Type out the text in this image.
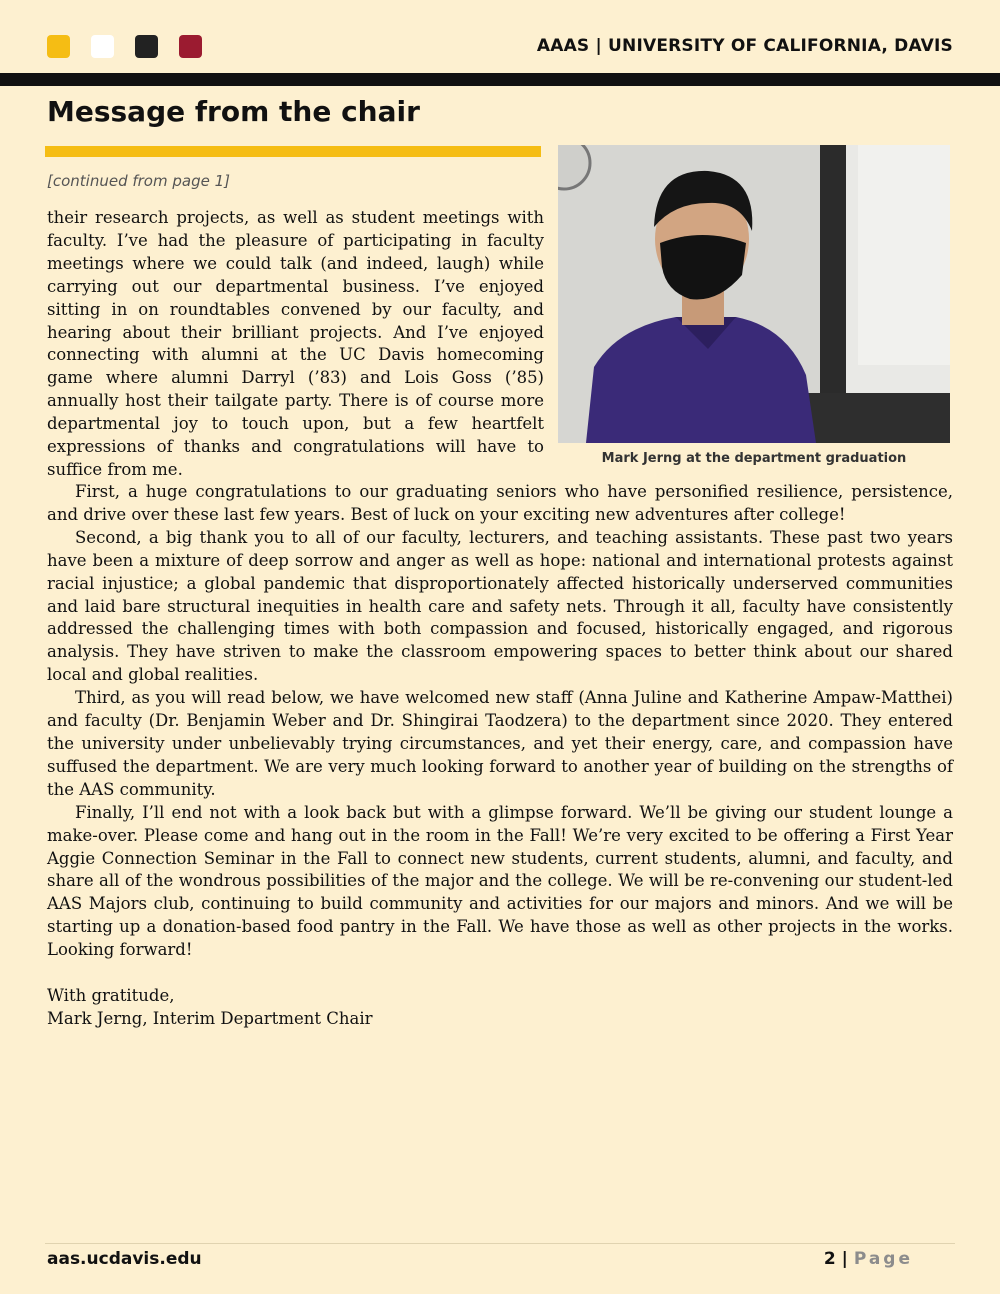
AAAS | UNIVERSITY OF CALIFORNIA, DAVIS
Message from the chair

[continued from page 1]

Mark Jerng at the department graduation

their research projects, as well as student meetings with faculty. I’ve had the pleasure of participating in faculty meetings where we could talk (and indeed, laugh) while carrying out our departmental business. I’ve enjoyed sitting in on roundtables convened by our faculty, and hearing about their brilliant projects. And I’ve enjoyed connecting with alumni at the UC Davis homecoming game where alumni Darryl (’83) and Lois Goss (’85) annually host their tailgate party. There is of course more departmental joy to touch upon, but a few heartfelt expressions of thanks and congratulations will have to suffice from me.

First, a huge congratulations to our graduating seniors who have personified resilience, persistence, and drive over these last few years. Best of luck on your exciting new adventures after college!

Second, a big thank you to all of our faculty, lecturers, and teaching assistants. These past two years have been a mixture of deep sorrow and anger as well as hope: national and international protests against racial injustice; a global pandemic that disproportionately affected historically underserved communities and laid bare structural inequities in health care and safety nets. Through it all, faculty have consistently addressed the challenging times with both compassion and focused, historically engaged, and rigorous analysis. They have striven to make the classroom empowering spaces to better think about our shared local and global realities.

Third, as you will read below, we have welcomed new staff (Anna Juline and Katherine Ampaw-Matthei) and faculty (Dr. Benjamin Weber and Dr. Shingirai Taodzera) to the department since 2020. They entered the university under unbelievably trying circumstances, and yet their energy, care, and compassion have suffused the department. We are very much looking forward to another year of building on the strengths of the AAS community.

Finally, I’ll end not with a look back but with a glimpse forward. We’ll be giving our student lounge a make-over. Please come and hang out in the room in the Fall! We’re very excited to be offering a First Year Aggie Connection Seminar in the Fall to connect new students, current students, alumni, and faculty, and share all of the wondrous possibilities of the major and the college. We will be re-convening our student-led AAS Majors club, continuing to build community and activities for our majors and minors. And we will be starting up a donation-based food pantry in the Fall. We have those as well as other projects in the works. Looking forward!

With gratitude,

Mark Jerng, Interim Department Chair

aas.ucdavis.edu	2 | Page
